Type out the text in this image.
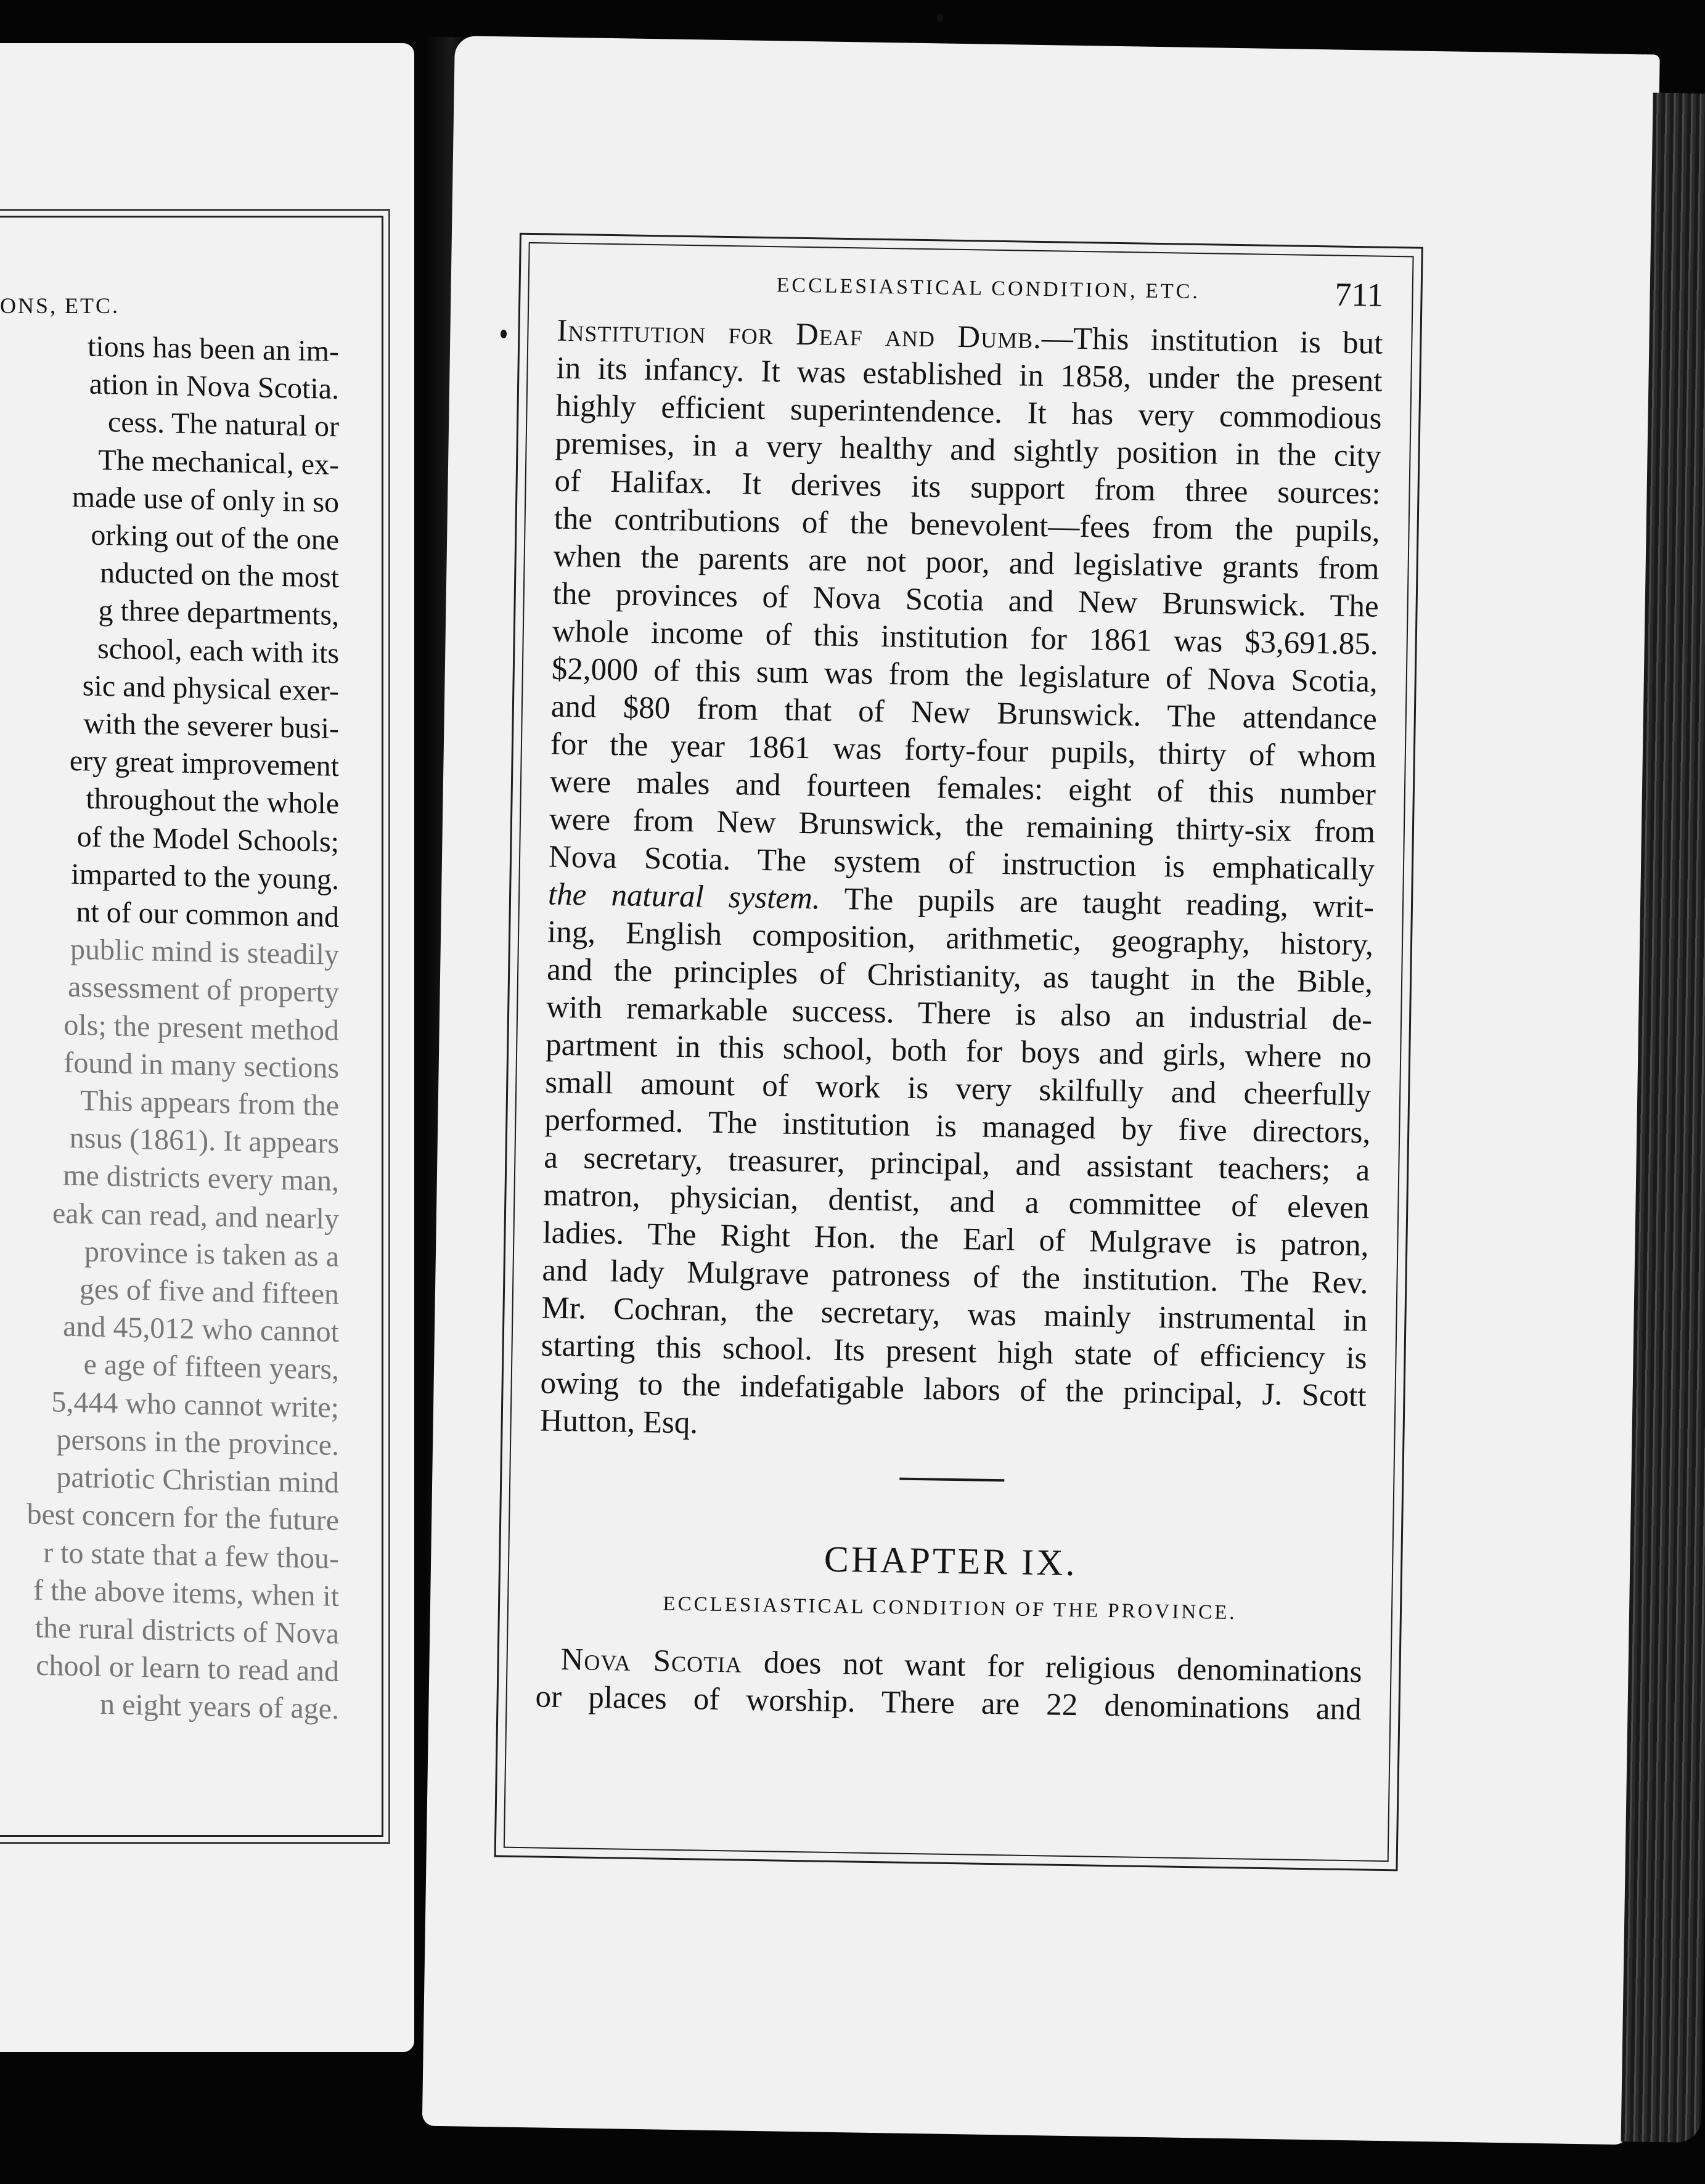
ONS, ETC.
tions has been an im-
ation in Nova Scotia.
cess. The natural or
The mechanical, ex-
made use of only in so
orking out of the one
nducted on the most
g three departments,
school, each with its
sic and physical exer-
with the severer busi-
ery great improvement
throughout the whole
of the Model Schools;
imparted to the young.
nt of our common and
public mind is steadily
assessment of property
ols; the present method
found in many sections
This appears from the
nsus (1861). It appears
me districts every man,
eak can read, and nearly
province is taken as a
ges of five and fifteen
and 45,012 who cannot
e age of fifteen years,
5,444 who cannot write;
persons in the province.
patriotic Christian mind
best concern for the future
r to state that a few thou-
f the above items, when it
the rural districts of Nova
chool or learn to read and
n eight years of age.
ECCLESIASTICAL CONDITION, ETC.	711
Institution for Deaf and Dumb.—This institution is but
in its infancy. It was established in 1858, under the present
highly efficient superintendence. It has very commodious
premises, in a very healthy and sightly position in the city
of Halifax. It derives its support from three sources:
the contributions of the benevolent—fees from the pupils,
when the parents are not poor, and legislative grants from
the provinces of Nova Scotia and New Brunswick. The
whole income of this institution for 1861 was $3,691.85.
$2,000 of this sum was from the legislature of Nova Scotia,
and $80 from that of New Brunswick. The attendance
for the year 1861 was forty-four pupils, thirty of whom
were males and fourteen females: eight of this number
were from New Brunswick, the remaining thirty-six from
Nova Scotia. The system of instruction is emphatically
the natural system. The pupils are taught reading, writ-
ing, English composition, arithmetic, geography, history,
and the principles of Christianity, as taught in the Bible,
with remarkable success. There is also an industrial de-
partment in this school, both for boys and girls, where no
small amount of work is very skilfully and cheerfully
performed. The institution is managed by five directors,
a secretary, treasurer, principal, and assistant teachers; a
matron, physician, dentist, and a committee of eleven
ladies. The Right Hon. the Earl of Mulgrave is patron,
and lady Mulgrave patroness of the institution. The Rev.
Mr. Cochran, the secretary, was mainly instrumental in
starting this school. Its present high state of efficiency is
owing to the indefatigable labors of the principal, J. Scott
Hutton, Esq.
CHAPTER IX.
ECCLESIASTICAL CONDITION OF THE PROVINCE.
Nova Scotia does not want for religious denominations
or places of worship. There are 22 denominations and
